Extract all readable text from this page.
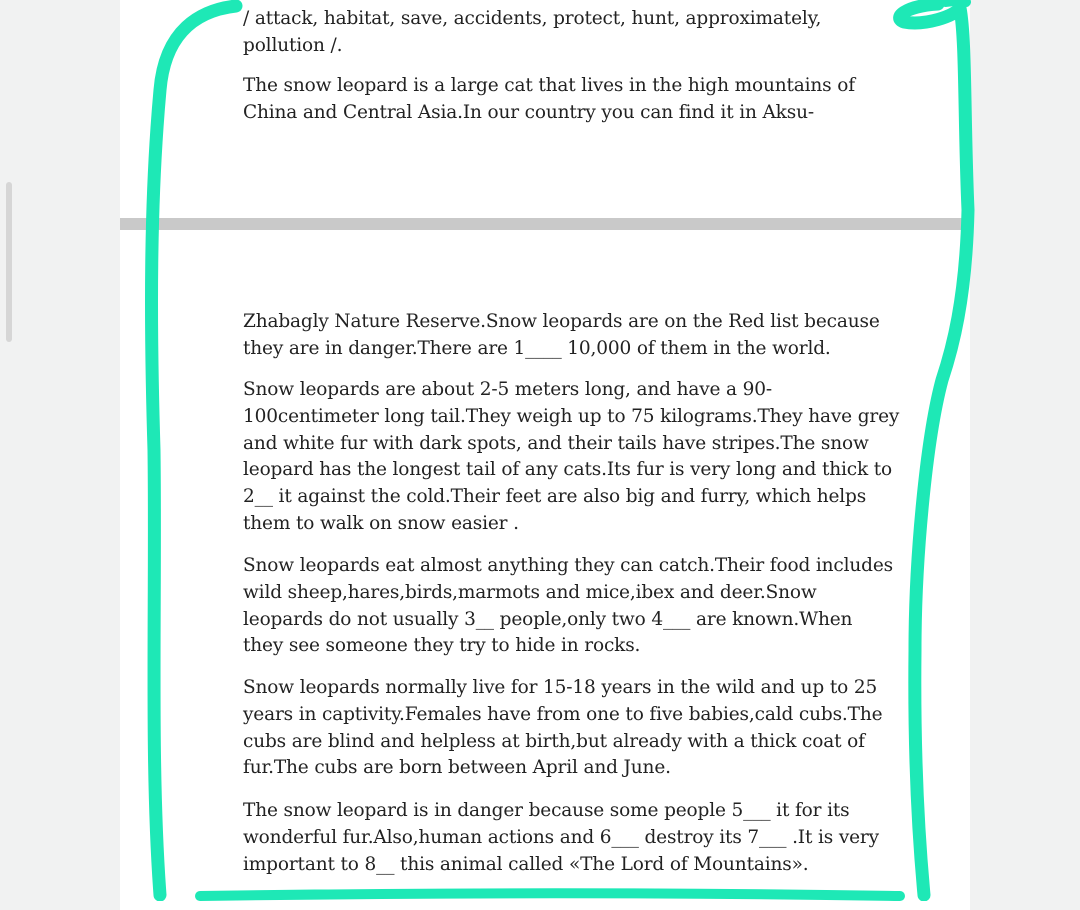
/ attack, habitat, save, accidents, protect, hunt, approximately,
pollution /.

The snow leopard is a large cat that lives in the high mountains of
China and Central Asia.In our country you can find it in Aksu-

Zhabagly Nature Reserve.Snow leopards are on the Red list because
they are in danger.There are 1____ 10,000 of them in the world.

Snow leopards are about 2-5 meters long, and have a 90-
100centimeter long tail.They weigh up to 75 kilograms.They have grey
and white fur with dark spots, and their tails have stripes.The snow
leopard has the longest tail of any cats.Its fur is very long and thick to
2__ it against the cold.Their feet are also big and furry, which helps
them to walk on snow easier .

Snow leopards eat almost anything they can catch.Their food includes
wild sheep,hares,birds,marmots and mice,ibex and deer.Snow
leopards do not usually 3__ people,only two 4___ are known.When
they see someone they try to hide in rocks.

Snow leopards normally live for 15-18 years in the wild and up to 25
years in captivity.Females have from one to five babies,cald cubs.The
cubs are blind and helpless at birth,but already with a thick coat of
fur.The cubs are born between April and June.

The snow leopard is in danger because some people 5___ it for its
wonderful fur.Also,human actions and 6___ destroy its 7___ .It is very
important to 8__ this animal called «The Lord of Mountains».
